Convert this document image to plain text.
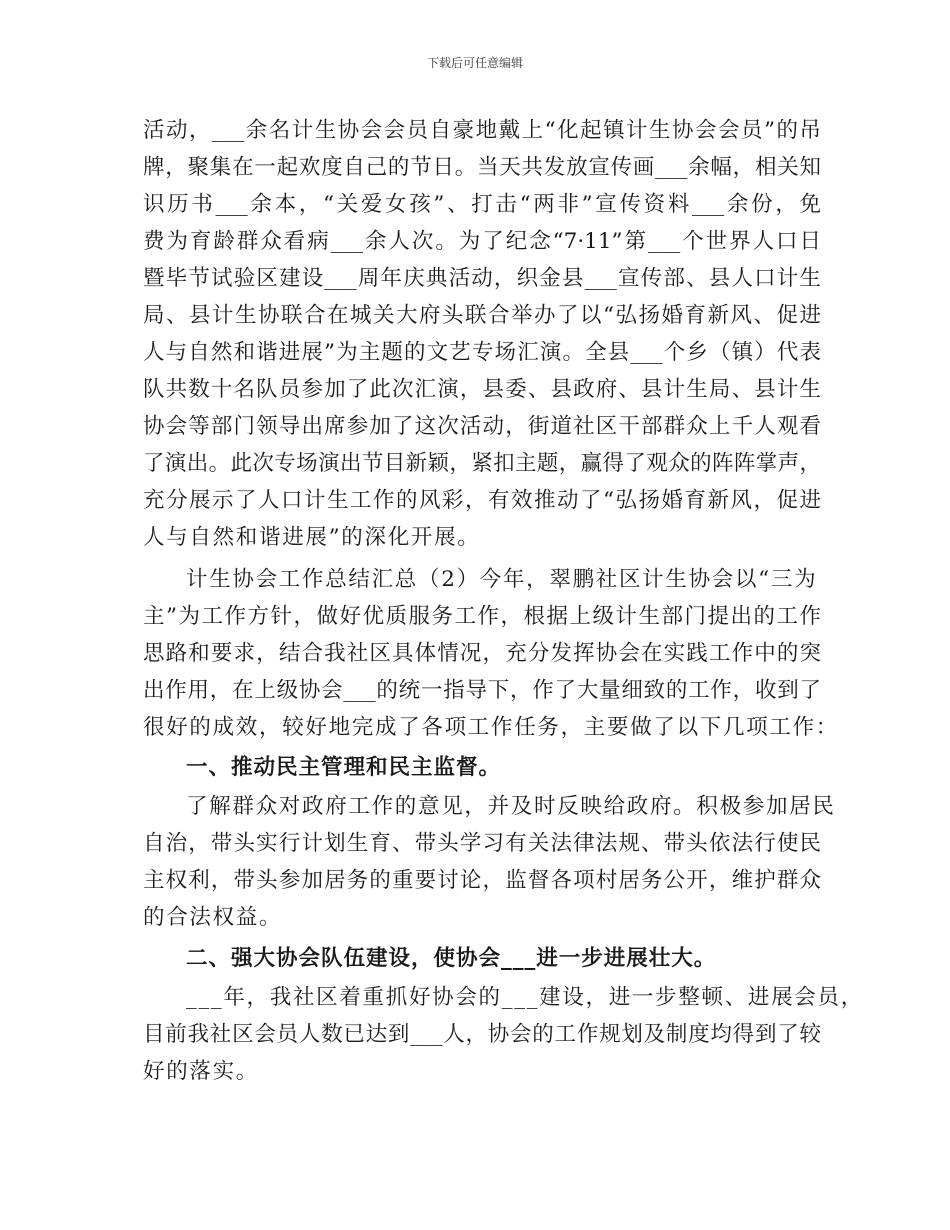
下载后可任意编辑
活动，___余名计生协会会员自豪地戴上“化起镇计生协会会员”的吊
牌，聚集在一起欢度自己的节日。当天共发放宣传画___余幅，相关知
识历书___余本，“关爱女孩”、打击“两非”宣传资料___余份，免
费为育龄群众看病___余人次。为了纪念“7·11”第___个世界人口日
暨毕节试验区建设___周年庆典活动，织金县___宣传部、县人口计生
局、县计生协联合在城关大府头联合举办了以“弘扬婚育新风、促进
人与自然和谐进展”为主题的文艺专场汇演。全县___个乡（镇）代表
队共数十名队员参加了此次汇演，县委、县政府、县计生局、县计生
协会等部门领导出席参加了这次活动，街道社区干部群众上千人观看
了演出。此次专场演出节目新颖，紧扣主题，赢得了观众的阵阵掌声，
充分展示了人口计生工作的风彩，有效推动了“弘扬婚育新风，促进
人与自然和谐进展”的深化开展。
计生协会工作总结汇总（2）今年，翠鹏社区计生协会以“三为
主”为工作方针，做好优质服务工作，根据上级计生部门提出的工作
思路和要求，结合我社区具体情况，充分发挥协会在实践工作中的突
出作用，在上级协会___的统一指导下，作了大量细致的工作，收到了
很好的成效，较好地完成了各项工作任务，主要做了以下几项工作：
一、推动民主管理和民主监督。
了解群众对政府工作的意见，并及时反映给政府。积极参加居民
自治，带头实行计划生育、带头学习有关法律法规、带头依法行使民
主权利，带头参加居务的重要讨论，监督各项村居务公开，维护群众
的合法权益。
二、强大协会队伍建设，使协会___进一步进展壮大。
___年，我社区着重抓好协会的___建设，进一步整顿、进展会员，
目前我社区会员人数已达到___人，协会的工作规划及制度均得到了较
好的落实。
